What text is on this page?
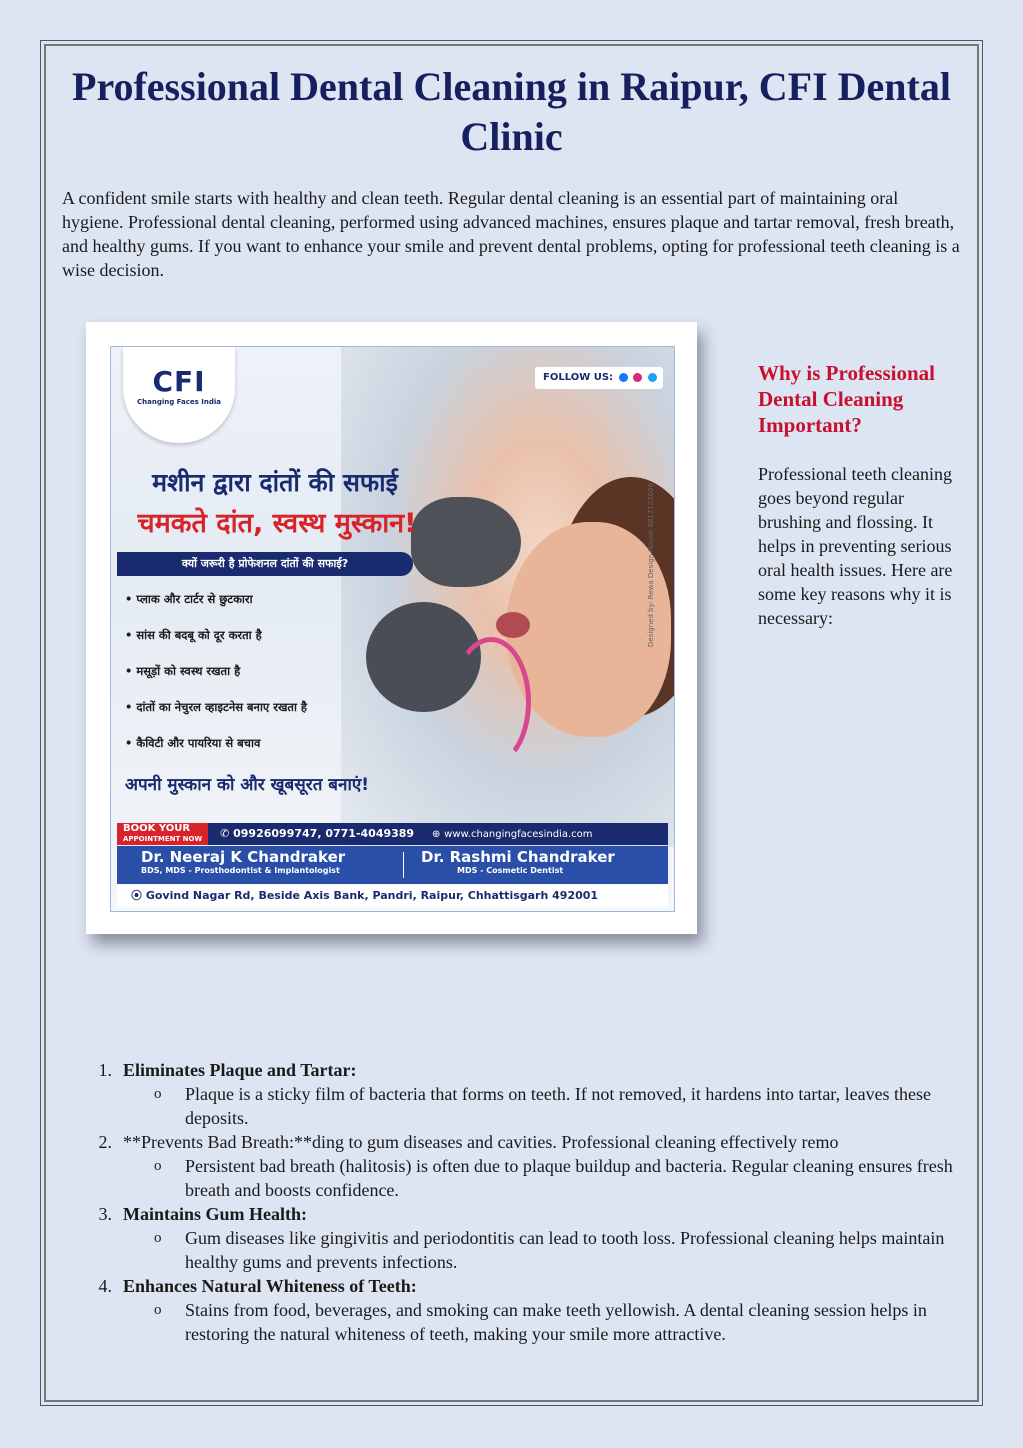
Professional Dental Cleaning in Raipur, CFI Dental Clinic

A confident smile starts with healthy and clean teeth. Regular dental cleaning is an essential part of maintaining oral hygiene. Professional dental cleaning, performed using advanced machines, ensures plaque and tartar removal, fresh breath, and healthy gums. If you want to enhance your smile and prevent dental problems, opting for professional teeth cleaning is a wise decision.

CFI
Changing Faces India
FOLLOW US:
मशीन द्वारा दांतों की सफाई
चमकते दांत, स्वस्थ मुस्कान!
क्यों जरूरी है प्रोफेशनल दांतों की सफाई?
• प्लाक और टार्टर से छुटकारा
• सांस की बदबू को दूर करता है
• मसूड़ों को स्वस्थ रखता है
• दांतों का नेचुरल व्हाइटनेस बनाए रखता है
• कैविटी और पायरिया से बचाव
अपनी मुस्कान को और खूबसूरत बनाएं!
Designed by: Rewa Design House 8817123606
BOOK YOUR
APPOINTMENT NOW ✆ 09926099747, 0771-4049389 ⊕ www.changingfacesindia.com
Dr. Neeraj K Chandraker
BDS, MDS - Prosthodontist & Implantologist
Dr. Rashmi Chandraker
MDS - Cosmetic Dentist
⦿ Govind Nagar Rd, Beside Axis Bank, Pandri, Raipur, Chhattisgarh 492001
Why is Professional Dental Cleaning Important?

Professional teeth cleaning goes beyond regular brushing and flossing. It helps in preventing serious oral health issues. Here are some key reasons why it is necessary:

1. Eliminates Plaque and Tartar:
o Plaque is a sticky film of bacteria that forms on teeth. If not removed, it hardens into tartar, leaves these deposits.
2. **Prevents Bad Breath:**ding to gum diseases and cavities. Professional cleaning effectively remo
o Persistent bad breath (halitosis) is often due to plaque buildup and bacteria. Regular cleaning ensures fresh breath and boosts confidence.
3. Maintains Gum Health:
o Gum diseases like gingivitis and periodontitis can lead to tooth loss. Professional cleaning helps maintain healthy gums and prevents infections.
4. Enhances Natural Whiteness of Teeth:
o Stains from food, beverages, and smoking can make teeth yellowish. A dental cleaning session helps in restoring the natural whiteness of teeth, making your smile more attractive.
